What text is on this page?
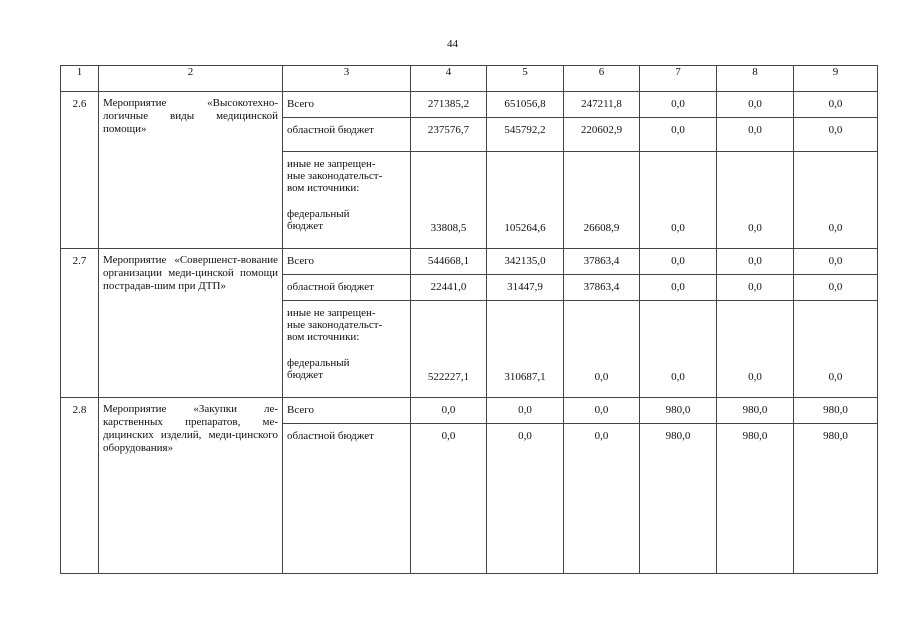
44
1	2	3	4	5	6	7	8	9
2.6	Мероприятие «Высокотехно-логичные виды медицинской помощи»	Всего	271385,2	651056,8	247211,8	0,0	0,0	0,0
		областной бюджет	237576,7	545792,2	220602,9	0,0	0,0	0,0

		иные не запрещен-
ные законодательст-
вом источники:
федеральный
бюджет	33808,5	105264,6	26608,9	0,0	0,0	0,0
2.7	Мероприятие «Совершенст-вование организации меди-цинской помощи пострадав-шим при ДТП»	Всего	544668,1	342135,0	37863,4	0,0	0,0	0,0
		областной бюджет	22441,0	31447,9	37863,4	0,0	0,0	0,0

		иные не запрещен-
ные законодательст-
вом источники:
федеральный
бюджет	522227,1	310687,1	0,0	0,0	0,0	0,0
2.8	Мероприятие «Закупки ле-карственных препаратов, ме-дицинских изделий, меди-цинского оборудования»	Всего	0,0	0,0	0,0	980,0	980,0	980,0
		областной бюджет	0,0	0,0	0,0	980,0	980,0	980,0
